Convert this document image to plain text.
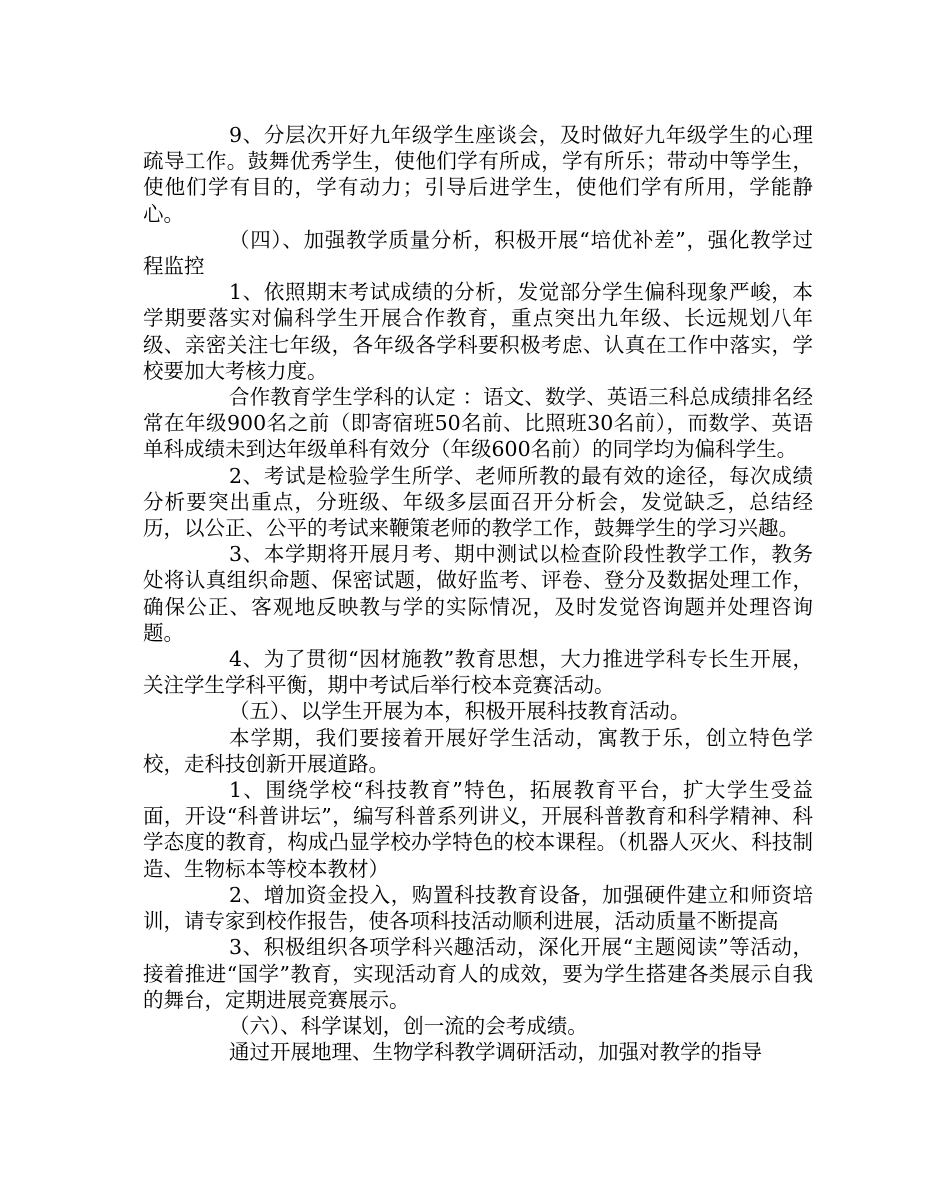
9、分层次开好九年级学生座谈会，及时做好九年级学生的心理疏导工作。鼓舞优秀学生，使他们学有所成，学有所乐；带动中等学生，使他们学有目的，学有动力；引导后进学生，使他们学有所用，学能静心。

（四）、加强教学质量分析，积极开展“培优补差”，强化教学过程监控

1、依照期末考试成绩的分析，发觉部分学生偏科现象严峻，本学期要落实对偏科学生开展合作教育，重点突出九年级、长远规划八年级、亲密关注七年级，各年级各学科要积极考虑、认真在工作中落实，学校要加大考核力度。

合作教育学生学科的认定 ：语文、数学、英语三科总成绩排名经常在年级900名之前（即寄宿班50名前、比照班30名前），而数学、英语单科成绩未到达年级单科有效分（年级600名前）的同学均为偏科学生。

2、考试是检验学生所学、老师所教的最有效的途径，每次成绩分析要突出重点，分班级、年级多层面召开分析会，发觉缺乏，总结经历，以公正、公平的考试来鞭策老师的教学工作，鼓舞学生的学习兴趣。

3、本学期将开展月考、期中测试以检查阶段性教学工作，教务处将认真组织命题、保密试题，做好监考、评卷、登分及数据处理工作，确保公正、客观地反映教与学的实际情况，及时发觉咨询题并处理咨询题。

4、为了贯彻“因材施教”教育思想，大力推进学科专长生开展，关注学生学科平衡，期中考试后举行校本竞赛活动。

（五）、以学生开展为本，积极开展科技教育活动。

本学期，我们要接着开展好学生活动，寓教于乐，创立特色学校，走科技创新开展道路。

1、围绕学校“科技教育”特色，拓展教育平台，扩大学生受益面，开设“科普讲坛”，编写科普系列讲义，开展科普教育和科学精神、科学态度的教育，构成凸显学校办学特色的校本课程。（机器人灭火、科技制造、生物标本等校本教材）

2、增加资金投入，购置科技教育设备，加强硬件建立和师资培训，请专家到校作报告，使各项科技活动顺利进展，活动质量不断提高

3、积极组织各项学科兴趣活动，深化开展“主题阅读”等活动，接着推进“国学”教育，实现活动育人的成效，要为学生搭建各类展示自我的舞台，定期进展竞赛展示。

（六）、科学谋划，创一流的会考成绩。

通过开展地理、生物学科教学调研活动，加强对教学的指导
